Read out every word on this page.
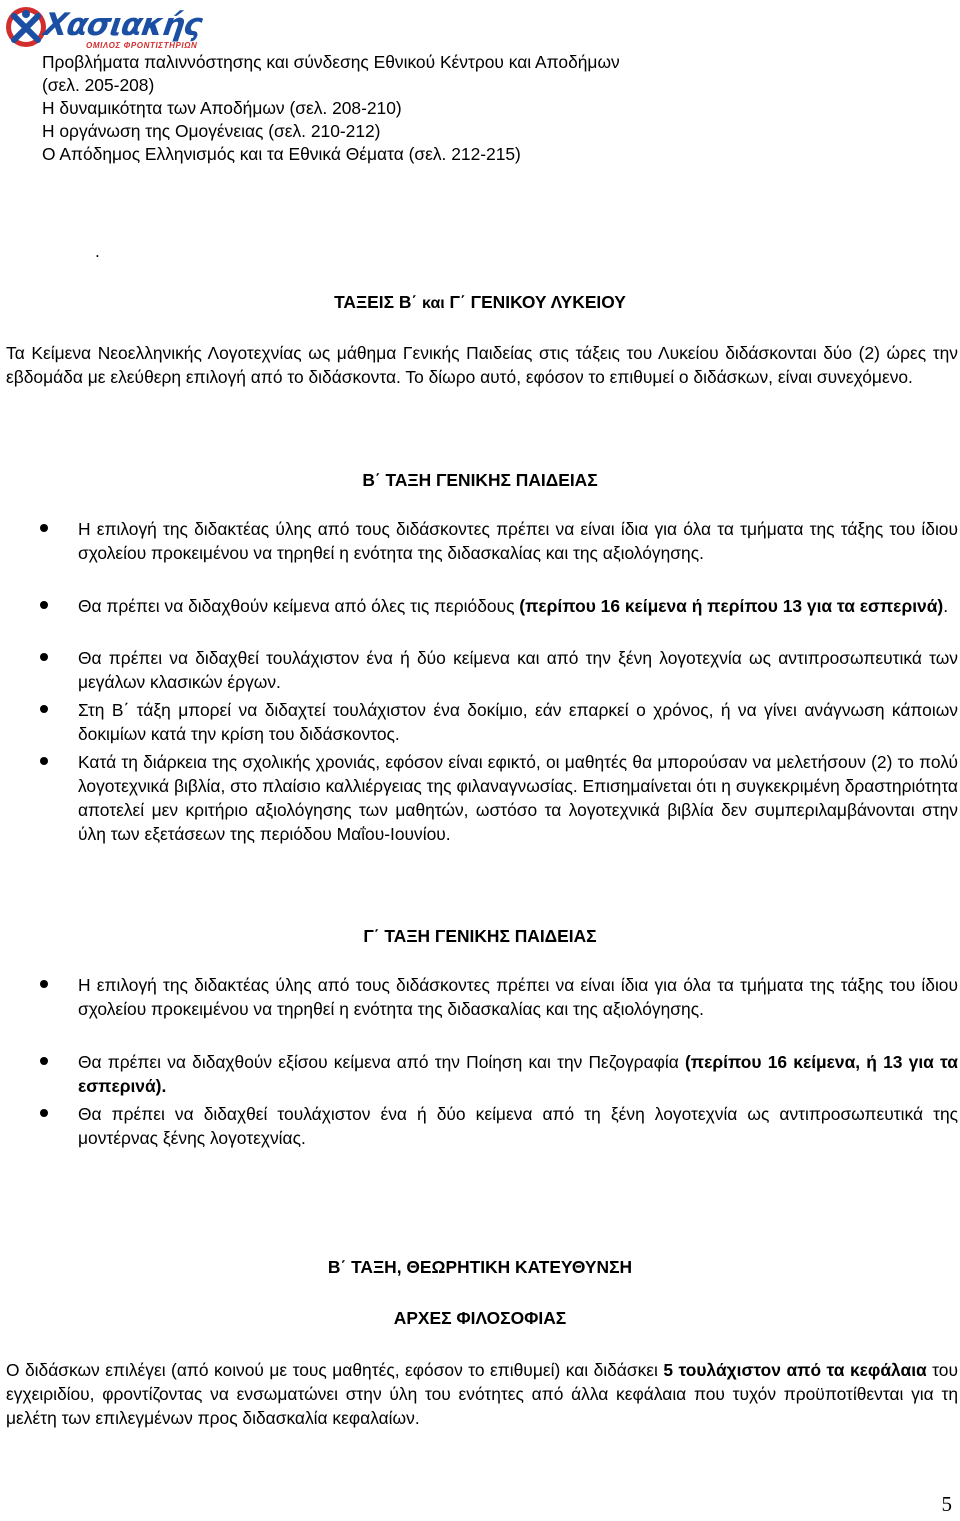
Χασιακής
ΟΜΙΛΟΣ ΦΡΟΝΤΙΣΤΗΡΙΩΝ
Προβλήματα παλιννόστησης και σύνδεσης Εθνικού Κέντρου και Αποδήμων
(σελ. 205-208)
Η δυναμικότητα των Αποδήμων (σελ. 208-210)
Η οργάνωση της Ομογένειας (σελ. 210-212)
Ο Απόδημος Ελληνισμός και τα Εθνικά Θέματα (σελ. 212-215)
.
ΤΑΞΕΙΣ Β΄ και Γ΄ ΓΕΝΙΚΟΥ ΛΥΚΕΙΟΥ
Τα Κείμενα Νεοελληνικής Λογοτεχνίας ως μάθημα Γενικής Παιδείας στις τάξεις του Λυκείου διδάσκονται δύο (2) ώρες την εβδομάδα με ελεύθερη επιλογή από το διδάσκοντα. Το δίωρο αυτό, εφόσον το επιθυμεί ο διδάσκων, είναι συνεχόμενο.
Β΄ ΤΑΞΗ ΓΕΝΙΚΗΣ ΠΑΙΔΕΙΑΣ
Η επιλογή της διδακτέας ύλης από τους διδάσκοντες πρέπει να είναι ίδια για όλα τα τμήματα της τάξης του ίδιου σχολείου προκειμένου να τηρηθεί η ενότητα της διδασκαλίας και της αξιολόγησης.
Θα πρέπει να διδαχθούν κείμενα από όλες τις περιόδους (περίπου 16 κείμενα ή περίπου 13 για τα εσπερινά).
Θα πρέπει να διδαχθεί τουλάχιστον ένα ή δύο κείμενα και από την ξένη λογοτεχνία ως αντιπροσωπευτικά των μεγάλων κλασικών έργων.
Στη Β΄ τάξη μπορεί να διδαχτεί τουλάχιστον ένα δοκίμιο, εάν επαρκεί ο χρόνος, ή να γίνει ανάγνωση κάποιων δοκιμίων κατά την κρίση του διδάσκοντος.
Κατά τη διάρκεια της σχολικής χρονιάς, εφόσον είναι εφικτό, οι μαθητές θα μπορούσαν να μελετήσουν (2) το πολύ λογοτεχνικά βιβλία, στο πλαίσιο καλλιέργειας της φιλαναγνωσίας. Επισημαίνεται ότι η συγκεκριμένη δραστηριότητα αποτελεί μεν κριτήριο αξιολόγησης των μαθητών, ωστόσο τα λογοτεχνικά βιβλία δεν συμπεριλαμβάνονται στην ύλη των εξετάσεων της περιόδου Μαΐου-Ιουνίου.
Γ΄ ΤΑΞΗ ΓΕΝΙΚΗΣ ΠΑΙΔΕΙΑΣ
Η επιλογή της διδακτέας ύλης από τους διδάσκοντες πρέπει να είναι ίδια για όλα τα τμήματα της τάξης του ίδιου σχολείου προκειμένου να τηρηθεί η ενότητα της διδασκαλίας και της αξιολόγησης.
Θα πρέπει να διδαχθούν εξίσου κείμενα από την Ποίηση και την Πεζογραφία (περίπου 16 κείμενα, ή 13 για τα εσπερινά).
Θα πρέπει να διδαχθεί τουλάχιστον ένα ή δύο κείμενα από τη ξένη λογοτεχνία ως αντιπροσωπευτικά της μοντέρνας ξένης λογοτεχνίας.
Β΄ ΤΑΞΗ, ΘΕΩΡΗΤΙΚΗ ΚΑΤΕΥΘΥΝΣΗ
ΑΡΧΕΣ ΦΙΛΟΣΟΦΙΑΣ
Ο διδάσκων επιλέγει (από κοινού με τους μαθητές, εφόσον το επιθυμεί) και διδάσκει 5 τουλάχιστον από τα κεφάλαια του εγχειριδίου, φροντίζοντας να ενσωματώνει στην ύλη του ενότητες από άλλα κεφάλαια που τυχόν προϋποτίθενται για τη μελέτη των επιλεγμένων προς διδασκαλία κεφαλαίων.
5
